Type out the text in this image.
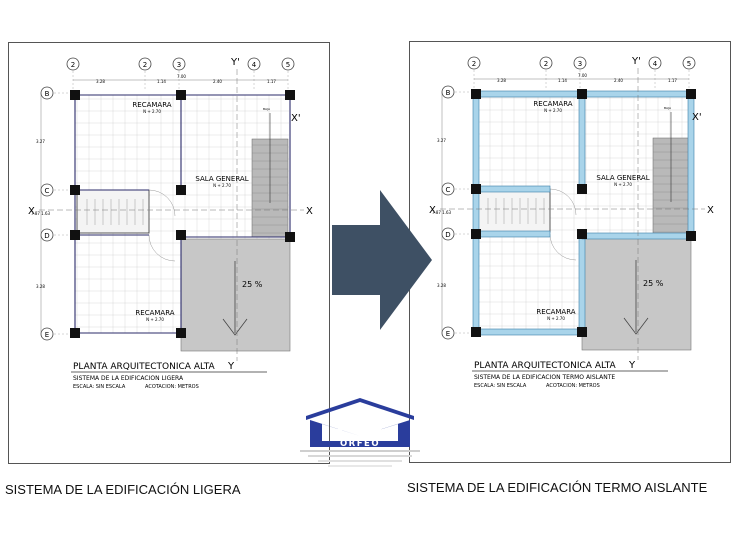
Y'
Y
X	X
X'
2	2	3	4	5
B
C
D
E
3.28	1.14	2.40	1.17
7.00
3.27
7.87 1.63
3.28
BAJA
RECAMARA
N + 2.70
SALA GENERAL
N + 2.70
RECAMARA
N + 2.70
25 %
PLANTA ARQUITECTONICA ALTA
SISTEMA DE LA EDIFICACION LIGERA
ESCALA: SIN ESCALA	ACOTACION: METROS
Y'
Y
X	X
X'
2	2	3	4	5
B
C
D
E
3.28	1.14	2.40	1.17
7.00
3.27
7.87 1.63
3.28
BAJA
RECAMARA
N + 2.70
SALA GENERAL
N + 2.70
RECAMARA
N + 2.70
25 %
PLANTA ARQUITECTONICA ALTA
SISTEMA DE LA EDIFICACION TERMO AISLANTE
ESCALA: SIN ESCALA	ACOTACION: METROS
ORFEO
SISTEMA DE LA EDIFICACIÓN LIGERA	SISTEMA DE LA EDIFICACIÓN TERMO AISLANTE
